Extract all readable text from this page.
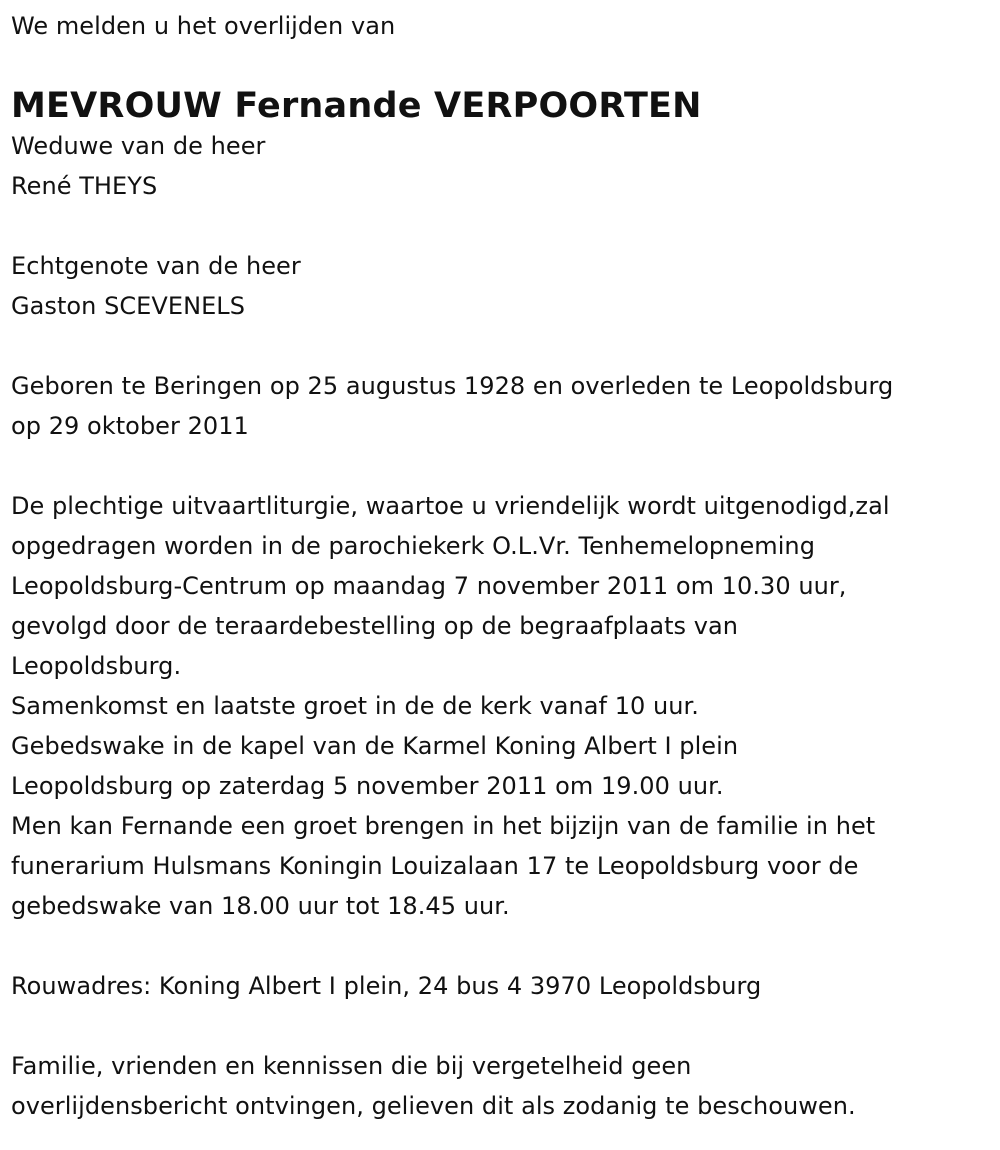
We melden u het overlijden van
MEVROUW Fernande VERPOORTEN
Weduwe van de heer
René THEYS
Echtgenote van de heer
Gaston SCEVENELS
Geboren te Beringen op 25 augustus 1928 en overleden te Leopoldsburg
op 29 oktober 2011
De plechtige uitvaartliturgie, waartoe u vriendelijk wordt uitgenodigd,zal
opgedragen worden in de parochiekerk O.L.Vr. Tenhemelopneming
Leopoldsburg-Centrum op maandag 7 november 2011 om 10.30 uur,
gevolgd door de teraardebestelling op de begraafplaats van
Leopoldsburg.
Samenkomst en laatste groet in de de kerk vanaf 10 uur.
Gebedswake in de kapel van de Karmel Koning Albert I plein
Leopoldsburg op zaterdag 5 november 2011 om 19.00 uur.
Men kan Fernande een groet brengen in het bijzijn van de familie in het
funerarium Hulsmans Koningin Louizalaan 17 te Leopoldsburg voor de
gebedswake van 18.00 uur tot 18.45 uur.
Rouwadres: Koning Albert I plein, 24 bus 4 3970 Leopoldsburg
Familie, vrienden en kennissen die bij vergetelheid geen
overlijdensbericht ontvingen, gelieven dit als zodanig te beschouwen.
